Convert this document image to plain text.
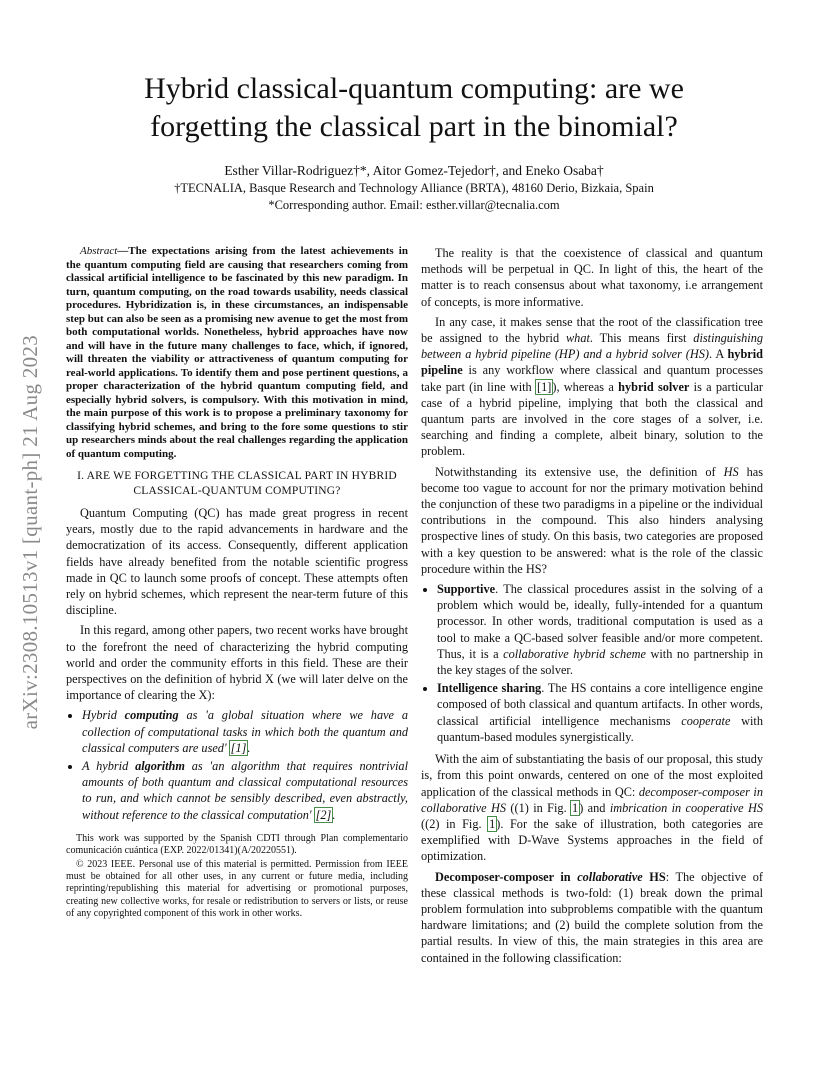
arXiv:2308.10513v1 [quant-ph] 21 Aug 2023
Hybrid classical-quantum computing: are we
forgetting the classical part in the binomial?
Esther Villar-Rodriguez†*, Aitor Gomez-Tejedor†, and Eneko Osaba†
†TECNALIA, Basque Research and Technology Alliance (BRTA), 48160 Derio, Bizkaia, Spain
*Corresponding author. Email: esther.villar@tecnalia.com

Abstract—The expectations arising from the latest achievements in the quantum computing field are causing that researchers coming from classical artificial intelligence to be fascinated by this new paradigm. In turn, quantum computing, on the road towards usability, needs classical procedures. Hybridization is, in these circumstances, an indispensable step but can also be seen as a promising new avenue to get the most from both computational worlds. Nonetheless, hybrid approaches have now and will have in the future many challenges to face, which, if ignored, will threaten the viability or attractiveness of quantum computing for real-world applications. To identify them and pose pertinent questions, a proper characterization of the hybrid quantum computing field, and especially hybrid solvers, is compulsory. With this motivation in mind, the main purpose of this work is to propose a preliminary taxonomy for classifying hybrid schemes, and bring to the fore some questions to stir up researchers minds about the real challenges regarding the application of quantum computing.

I. ARE WE FORGETTING THE CLASSICAL PART IN HYBRID
CLASSICAL-QUANTUM COMPUTING?

Quantum Computing (QC) has made great progress in recent years, mostly due to the rapid advancements in hardware and the democratization of its access. Consequently, different application fields have already benefited from the notable scientific progress made in QC to launch some proofs of concept. These attempts often rely on hybrid schemes, which represent the near-term future of this discipline.

In this regard, among other papers, two recent works have brought to the forefront the need of characterizing the hybrid computing world and order the community efforts in this field. These are their perspectives on the definition of hybrid X (we will later delve on the importance of clearing the X):

• Hybrid computing as 'a global situation where we have a collection of computational tasks in which both the quantum and classical computers are used' [1].
• A hybrid algorithm as 'an algorithm that requires nontrivial amounts of both quantum and classical computational resources to run, and which cannot be sensibly described, even abstractly, without reference to the classical computation' [2].

This work was supported by the Spanish CDTI through Plan complementario comunicación cuántica (EXP. 2022/01341)(A/20220551).

© 2023 IEEE. Personal use of this material is permitted. Permission from IEEE must be obtained for all other uses, in any current or future media, including reprinting/republishing this material for advertising or promotional purposes, creating new collective works, for resale or redistribution to servers or lists, or reuse of any copyrighted component of this work in other works.

The reality is that the coexistence of classical and quantum methods will be perpetual in QC. In light of this, the heart of the matter is to reach consensus about what taxonomy, i.e arrangement of concepts, is more informative.

In any case, it makes sense that the root of the classification tree be assigned to the hybrid what. This means first distinguishing between a hybrid pipeline (HP) and a hybrid solver (HS). A hybrid pipeline is any workflow where classical and quantum processes take part (in line with [1]), whereas a hybrid solver is a particular case of a hybrid pipeline, implying that both the classical and quantum parts are involved in the core stages of a solver, i.e. searching and finding a complete, albeit binary, solution to the problem.

Notwithstanding its extensive use, the definition of HS has become too vague to account for nor the primary motivation behind the conjunction of these two paradigms in a pipeline or the individual contributions in the compound. This also hinders analysing prospective lines of study. On this basis, two categories are proposed with a key question to be answered: what is the role of the classic procedure within the HS?

• Supportive. The classical procedures assist in the solving of a problem which would be, ideally, fully-intended for a quantum processor. In other words, traditional computation is used as a tool to make a QC-based solver feasible and/or more competent. Thus, it is a collaborative hybrid scheme with no partnership in the key stages of the solver.
• Intelligence sharing. The HS contains a core intelligence engine composed of both classical and quantum artifacts. In other words, classical artificial intelligence mechanisms cooperate with quantum-based modules synergistically.

With the aim of substantiating the basis of our proposal, this study is, from this point onwards, centered on one of the most exploited application of the classical methods in QC: decomposer-composer in collaborative HS ((1) in Fig. 1) and imbrication in cooperative HS ((2) in Fig. 1). For the sake of illustration, both categories are exemplified with D-Wave Systems approaches in the field of optimization.

Decomposer-composer in collaborative HS: The objective of these classical methods is two-fold: (1) break down the primal problem formulation into subproblems compatible with the quantum hardware limitations; and (2) build the complete solution from the partial results. In view of this, the main strategies in this area are contained in the following classification:
